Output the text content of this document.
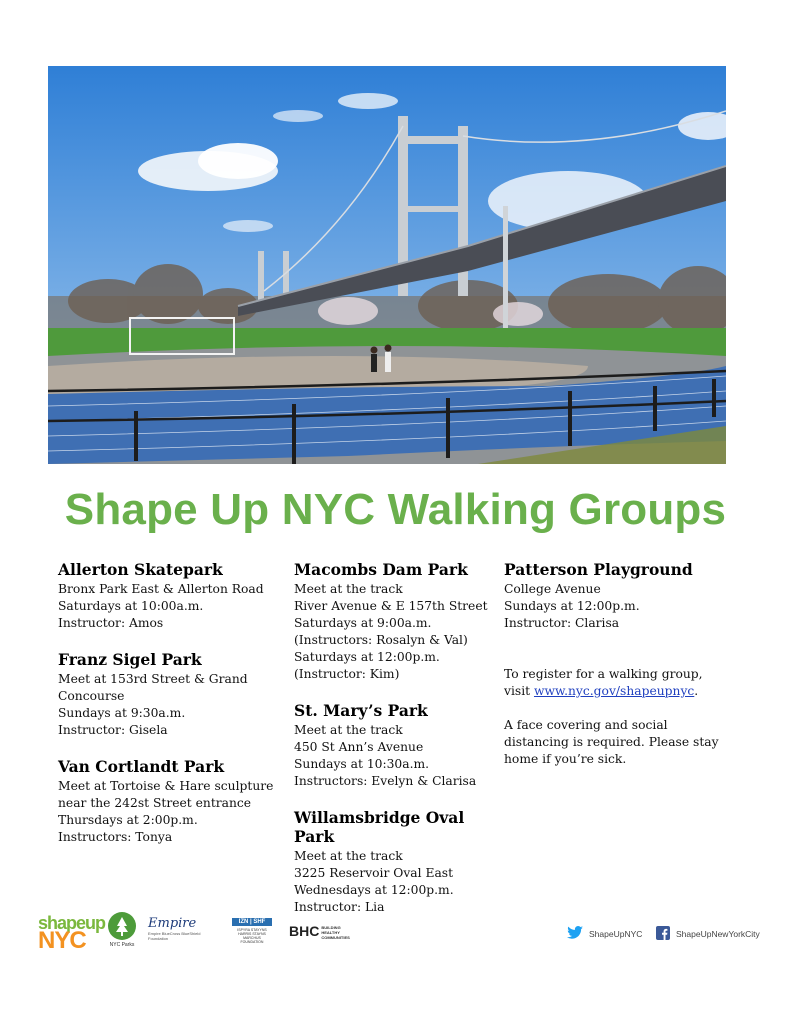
Shape Up NYC Walking Groups
Allerton Skatepark
Bronx Park East & Allerton Road
Saturdays at 10:00a.m.
Instructor: Amos
Franz Sigel Park
Meet at 153rd Street & Grand Concourse
Sundays at 9:30a.m.
Instructor: Gisela
Van Cortlandt Park
Meet at Tortoise & Hare sculpture
near the 242st Street entrance
Thursdays at 2:00p.m.
Instructors: Tonya
Macombs Dam Park
Meet at the track
River Avenue & E 157th Street
Saturdays at 9:00a.m.
(Instructors: Rosalyn & Val)
Saturdays at 12:00p.m.
(Instructor: Kim)
St. Mary’s Park
Meet at the track
450 St Ann’s Avenue
Sundays at 10:30a.m.
Instructors: Evelyn & Clarisa
Willamsbridge Oval Park
Meet at the track
3225 Reservoir Oval East
Wednesdays at 12:00p.m.
Instructor: Lia
Patterson Playground
College Avenue
Sundays at 12:00p.m.
Instructor: Clarisa
To register for a walking group,
visit www.nyc.gov/shapeupnyc.
A face covering and social distancing is required. Please stay home if you’re sick.
shapeup
NYC	NYC Parks
Empire
Empire BlueCross BlueShield Foundation
IZN | SHF
ISPYRA STAYYNS HARRIS STAYNS MARCHUS FOUNDATION
BHC BUILDING HEALTHY COMMUNITIES	ShapeUpNYC	ShapeUpNewYorkCity
